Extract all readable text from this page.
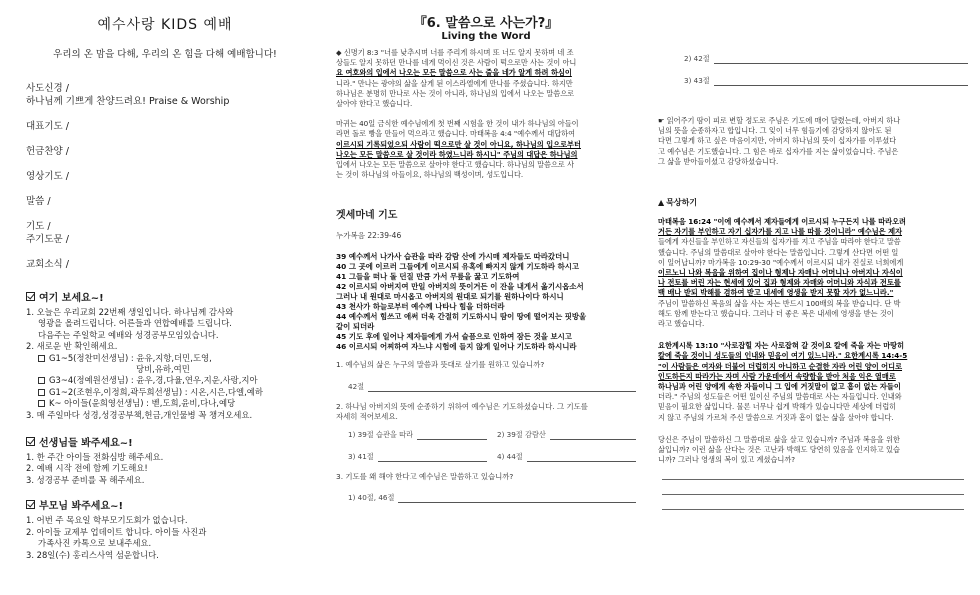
예수사랑 KIDS 예배
우리의 온 맘을 다해, 우리의 온 힘을 다해 예배합니다!
사도신경 /
하나님께 기쁘게 찬양드려요! Praise & Worship
대표기도 /
헌금찬양 /
영상기도 /
말씀 /
기도 /
주기도문 /
교회소식 /
여기 보세요~!
1. 오늘은 우리교회 22번째 생일입니다. 하나님께 감사와
영광을 올려드립니다. 어른들과 연합예배를 드립니다.
다음주는 주일학교 예배와 성경공부모임있습니다.
2. 새로운 반 확인해세요.
G1~5(정찬미선생님) : 윤유,지항,더민,도영,
당비,유하,여민
G3~4(정예원선생님) : 윤우,경,다율,연우,지운,사랑,지아
G1~2(조현우,이정희,곽두희선생님) : 시온,시은,다엘,예하
K~ 아이들(윤희영선생님) : 벧,도희,윤비,다나,예당
3. 매 주일마다 성경,성경공부책,헌금,개인물병 꼭 챙겨오세요.
선생님들 봐주세요~!
1. 한 주간 아이들 전화심방 해주세요.
2. 예배 시작 전에 함께 기도해요!
3. 성경공부 준비를 꼭 해주세요.
부모님 봐주세요~!
1. 어번 주 목요일 학부모기도회가 없습니다.
2. 아이들 교제부 업데이트 합니다. 아이들 사진과
가족사진 카톡으로 보내주세요.
3. 28일(수) 홍리스사역 섬운합니다.
『6. 말씀으로 사는가?』
Living the Word
◆ 신명기 8:3 "너를 낮추시며 너를 주리게 하시며 또 너도 알지 못하며 네 조
상들도 알지 못하던 만나를 네게 먹이신 것은 사람이 떡으로만 사는 것이 아니
요 여호와의 입에서 나오는 모든 말씀으로 사는 줄을 네가 알게 하려 하심이
니라." 만나는 광야의 삶을 살게 된 이스라엘에게 만나를 주셨습니다. 하지만
하나님은 분명히 만나로 사는 것이 아니라, 하나님의 입에서 나오는 말씀으로
살아야 한다고 했습니다.
마귀는 40일 금식한 예수님에게 첫 번째 시험을 한 것이 내가 하나님의 아들이
라면 돌로 빵을 만들어 먹으라고 했습니다. 마태복음 4:4 "예수께서 대답하여
이르시되 기록되었으되 사람이 떡으로만 살 것이 아니요, 하나님의 입으로부터
나오는 모든 말씀으로 살 것이라 하였느니라 하시니" 주님의 대답은 하나님의
입에서 나오는 모든 말씀으로 살아야 한다고 했습니다. 하나님의 말씀으로 사
는 것이 하나님의 아들이요, 하나님의 백성이며, 성도입니다.
겟세마네 기도
누가복음 22:39-46
39 예수께서 나가사 습관을 따라 감람 산에 가시매 제자들도 따라갔더니
40 그 곳에 이르러 그들에게 이르시되 유혹에 빠지지 않게 기도하라 하시고
41 그들을 떠나 돌 던질 만큼 가서 무릎을 꿇고 기도하여
42 이르시되 아버지여 만일 아버지의 뜻이거든 이 잔을 내게서 옮기시옵소서
그러나 내 원대로 마시옵고 아버지의 원대로 되기를 원하나이다 하시니
43 천사가 하늘로부터 예수께 나타나 힘을 더하더라
44 예수께서 힘쓰고 애써 더욱 간절히 기도하시니 땀이 땅에 떨어지는 핏방울
같이 되더라
45 기도 후에 일어나 제자들에게 가서 슬픔으로 인하여 잠든 것을 보시고
46 이르시되 어찌하여 자느냐 시험에 들지 않게 일어나 기도하라 하시니라
1. 예수님의 삶은 누구의 말씀과 뜻대로 살기를 원하고 있습니까?
42절
2. 하나님 아버지의 뜻에 순종하기 위하여 예수님은 기도하셨습니다. 그 기도를
자세히 적어보세요.
1) 39절 습관을 따라	2) 39절 감람산
3) 41절	4) 44절
3. 기도를 왜 해야 한다고 예수님은 말씀하고 있습니까?
1) 40절, 46절
2) 42절
3) 43절
☛ 읽어주기 땀이 피로 변할 정도로 주님은 기도에 매어 달렸는데, 아버지 하나
님의 뜻을 순종하자고 합입니다. 그 잊이 너무 힘들기에 감당하지 않아도 된
다면 그렇게 하고 싶은 마음이지만, 아버지 하나님의 뜻이 십자가를 이루셨다
고 예수님은 기도했습니다. 그 힘은 바로 십자가를 지는 삶이었습니다. 주님은
그 삶을 받아들이셨고 감당하셨습니다.
▲ 묵상하기
마태복음 16:24 "이에 예수께서 제자들에게 이르시되 누구든지 나를 따라오려
거든 자기를 부인하고 자기 십자가를 지고 나를 따를 것이니라" 예수님은 제자
들에게 자신들을 부인하고 자신들의 십자가를 지고 주님을 따라야 한다고 말씀
했습니다. 주님의 말씀대로 살아야 한다는 말씀입니다. 그렇게 산다면 어떤 일
이 일어납니까? 마가복음 10:29-30 "예수께서 이르시되 내가 진실로 너희에게
이르노니 나와 복음을 위하여 집이나 형제나 자매나 어머니나 아버지나 자식이
나 전토를 버린 자는 현세에 있어 집과 형제와 자매와 어머니와 자식과 전토를
백 배나 받되 박해를 겸하여 받고 내세에 영생을 받지 못할 자가 없느니라."
주님이 말씀하신 복음의 삶을 사는 자는 반드시 100배의 복을 받습니다. 단 박
해도 함께 받는다고 했습니다. 그러나 더 좋은 복은 내세에 영생을 받는 것이
라고 했습니다.
요한계시록 13:10 "사로잡힐 자는 사로잡혀 갈 것이요 칼에 죽을 자는 마땅히
칼에 죽을 것이니 성도들의 인내와 믿음이 여기 있느니라." 요한계시록 14:4-5
"이 사람들은 여자와 더불어 더럽히지 아니하고 순결한 자라 어린 양이 어디로
인도하든지 따라가는 자며 사람 가운데에서 속량함을 받아 처음 익은 열매로
하나님과 어린 양에게 속한 자들이니 그 입에 거짓말이 없고 흠이 없는 자들이
더라." 주님의 성도들은 어떤 일이신 주님의 말씀대로 사는 자들입니다. 인내와
믿음이 필요한 삶입니다. 물론 너무나 쉽게 박해가 있습니다만 세상에 더럽히
지 않고 주님의 가르쳐 주신 말씀으로 거짓과 흠이 없는 삶을 살아야 합니다.
당신은 주님이 말씀하신 그 말씀대로 삶을 살고 있습니까? 주님과 복음을 위한
삶입니까? 이런 삶을 산다는 것은 고난과 박해도 당연히 있음을 인지하고 있습
니까? 그러나 영생의 복이 있고 계셨습니까?
